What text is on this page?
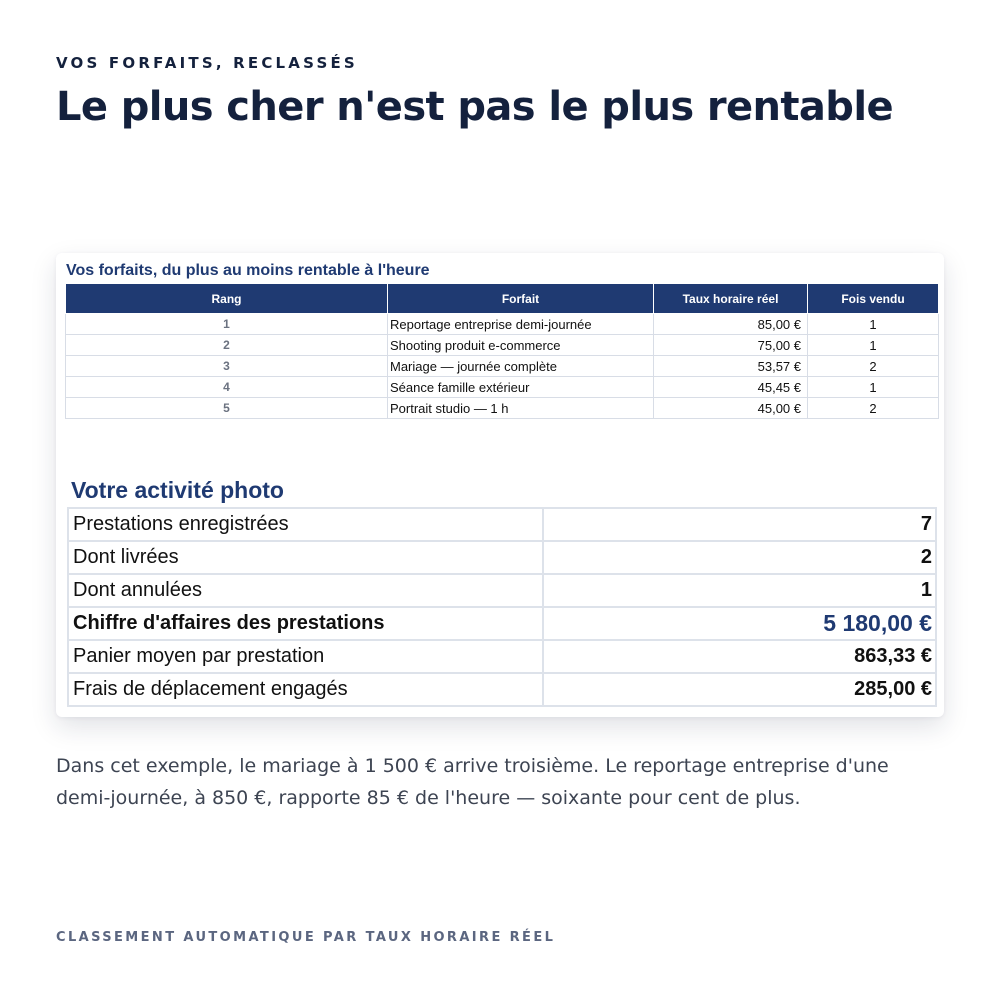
VOS FORFAITS, RECLASSÉS
Le plus cher n'est pas le plus rentable
Vos forfaits, du plus au moins rentable à l'heure
Rang	Forfait	Taux horaire réel	Fois vendu
1	Reportage entreprise demi-journée	85,00 €	1
2	Shooting produit e-commerce	75,00 €	1
3	Mariage — journée complète	53,57 €	2
4	Séance famille extérieur	45,45 €	1
5	Portrait studio — 1 h	45,00 €	2
Votre activité photo
Prestations enregistrées	7
Dont livrées	2
Dont annulées	1
Chiffre d'affaires des prestations	5 180,00 €
Panier moyen par prestation	863,33 €
Frais de déplacement engagés	285,00 €
Dans cet exemple, le mariage à 1 500 € arrive troisième. Le reportage entreprise d'une demi-journée, à 850 €, rapporte 85 € de l'heure — soixante pour cent de plus.
CLASSEMENT AUTOMATIQUE PAR TAUX HORAIRE RÉEL
